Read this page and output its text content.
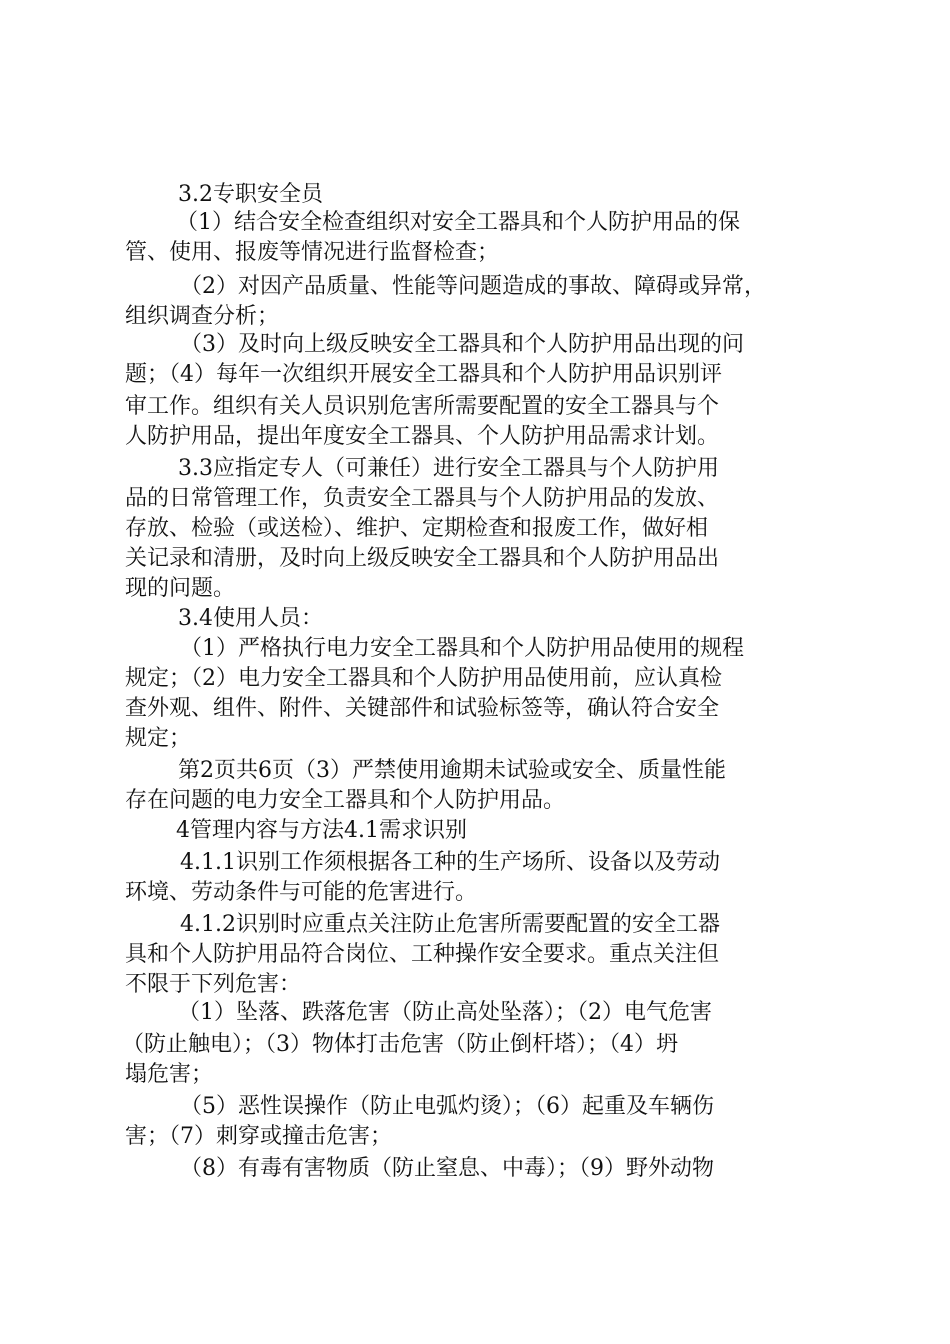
3.2专职安全员
（1）结合安全检查组织对安全工器具和个人防护用品的保
管、使用、报废等情况进行监督检查；
（2）对因产品质量、性能等问题造成的事故、障碍或异常，
组织调查分析；
（3）及时向上级反映安全工器具和个人防护用品出现的问
题；（4）每年一次组织开展安全工器具和个人防护用品识别评
审工作。组织有关人员识别危害所需要配置的安全工器具与个
人防护用品，提出年度安全工器具、个人防护用品需求计划。
3.3应指定专人（可兼任）进行安全工器具与个人防护用
品的日常管理工作，负责安全工器具与个人防护用品的发放、
存放、检验（或送检）、维护、定期检查和报废工作，做好相
关记录和清册，及时向上级反映安全工器具和个人防护用品出
现的问题。
3.4使用人员：
（1）严格执行电力安全工器具和个人防护用品使用的规程
规定；（2）电力安全工器具和个人防护用品使用前，应认真检
查外观、组件、附件、关键部件和试验标签等，确认符合安全
规定；
第2页共6页（3）严禁使用逾期未试验或安全、质量性能
存在问题的电力安全工器具和个人防护用品。
4管理内容与方法4.1需求识别
4.1.1识别工作须根据各工种的生产场所、设备以及劳动
环境、劳动条件与可能的危害进行。
4.1.2识别时应重点关注防止危害所需要配置的安全工器
具和个人防护用品符合岗位、工种操作安全要求。重点关注但
不限于下列危害：
（1）坠落、跌落危害（防止高处坠落）；（2）电气危害
（防止触电）；（3）物体打击危害（防止倒杆塔）；（4）坍
塌危害；
（5）恶性误操作（防止电弧灼烫）；（6）起重及车辆伤
害；（7）刺穿或撞击危害；
（8）有毒有害物质（防止窒息、中毒）；（9）野外动物
